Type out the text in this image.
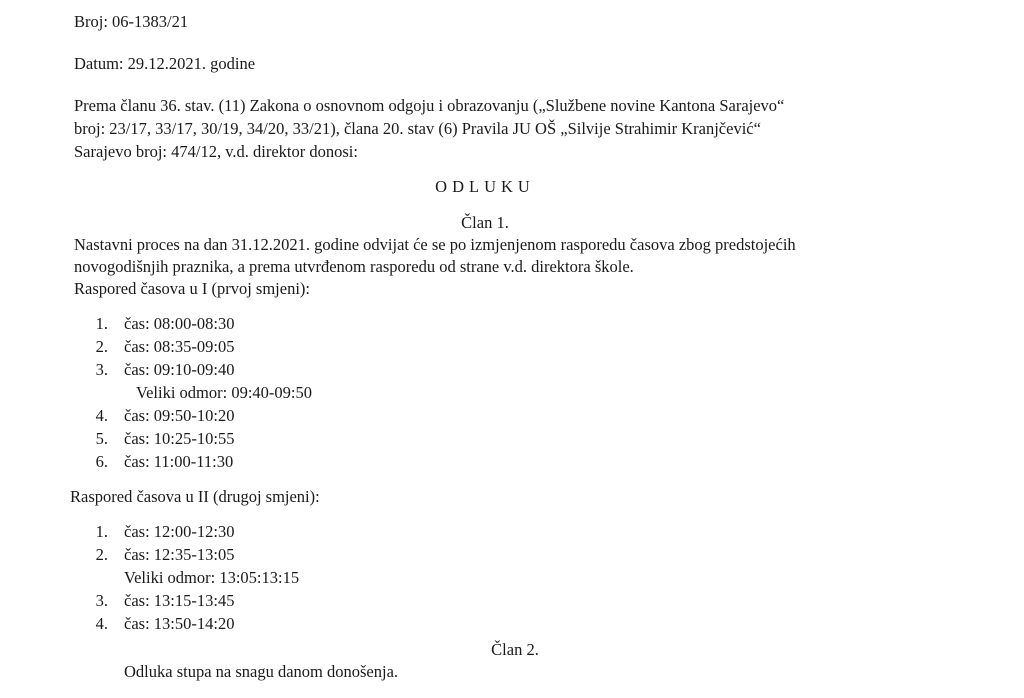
Broj: 06-1383/21
Datum: 29.12.2021. godine
Prema članu 36. stav. (11) Zakona o osnovnom odgoju i obrazovanju („Službene novine Kantona Sarajevo“
broj: 23/17, 33/17, 30/19, 34/20, 33/21), člana 20. stav (6) Pravila JU OŠ „Silvije Strahimir Kranjčević“
Sarajevo broj: 474/12, v.d. direktor donosi:
ODLUKU
Član 1.
Nastavni proces na dan 31.12.2021. godine odvijat će se po izmjenjenom rasporedu časova zbog predstojećih
novogodišnjih praznika, a prema utvrđenom rasporedu od strane v.d. direktora škole.
Raspored časova u I (prvoj smjeni):
1. čas: 08:00-08:30
2. čas: 08:35-09:05
3. čas: 09:10-09:40
Veliki odmor: 09:40-09:50
4. čas: 09:50-10:20
5. čas: 10:25-10:55
6. čas: 11:00-11:30
Raspored časova u II (drugoj smjeni):
1. čas: 12:00-12:30
2. čas: 12:35-13:05
Veliki odmor: 13:05:13:15
3. čas: 13:15-13:45
4. čas: 13:50-14:20
Član 2.
Odluka stupa na snagu danom donošenja.
